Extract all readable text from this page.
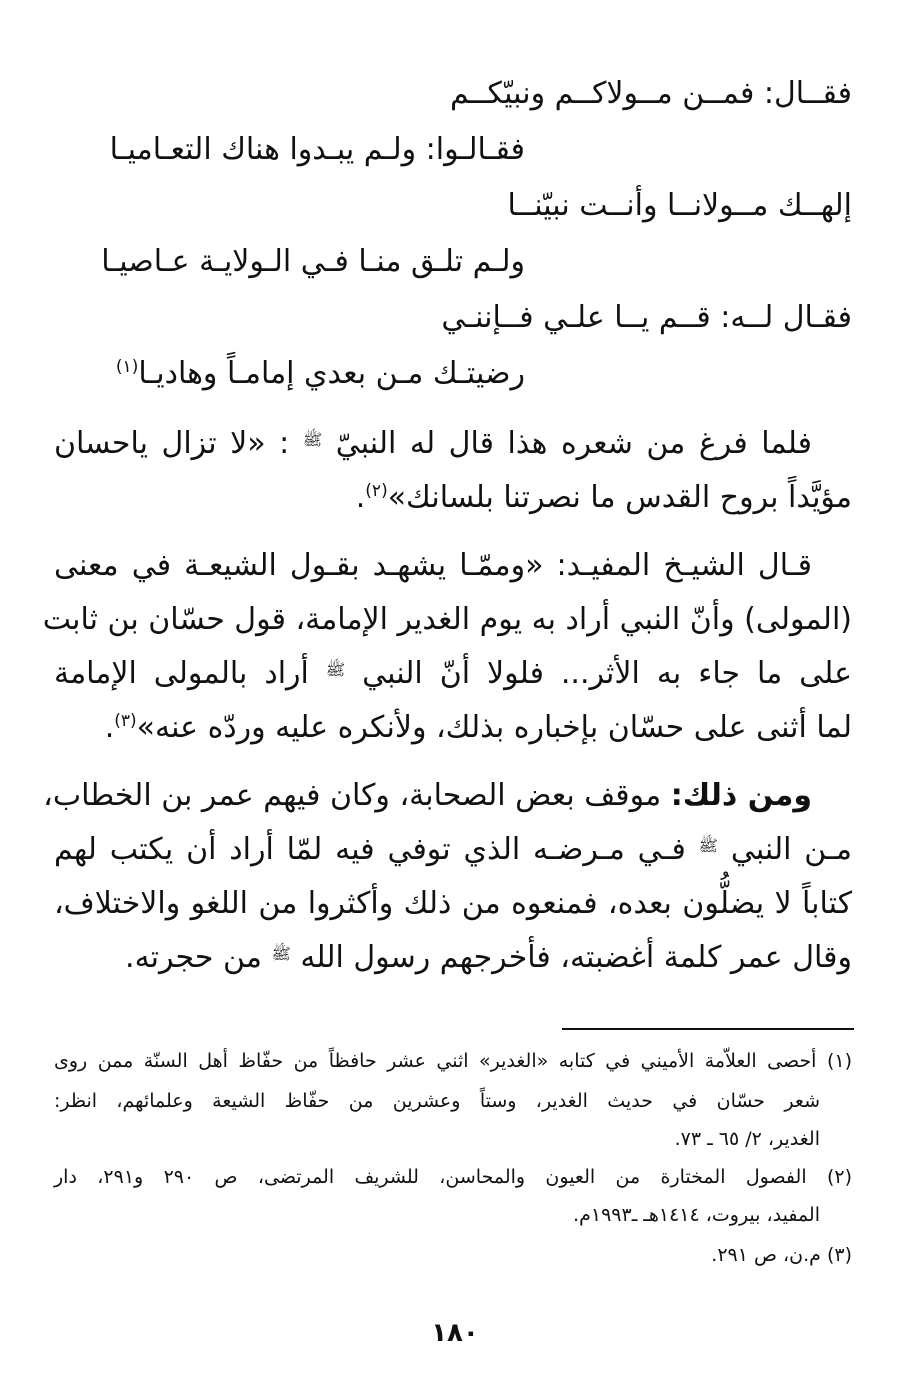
فقــال: فمــن مــولاكــم ونبيّكــم
فقـالـوا: ولـم يبـدوا هناك التعـاميـا
إلهــك مــولانــا وأنــت نبيّنــا
ولـم تلـق منـا فـي الـولايـة عـاصيـا
فقـال لــه: قــم يــا علـي فــإننـي
رضيتـك مـن بعدي إمامـاً وهاديـا$^{(١)}$
فلما فرغ من شعره هذا قال له النبيّ ﷺ : «لا تزال ياحسان
مؤيَّداً بروح القدس ما نصرتنا بلسانك»$^{(٢)}$.
قـال الشيـخ المفيـد: «وممّـا يشهـد بقـول الشيعـة في معنى
(المولى) وأنّ النبي أراد به يوم الغدير الإمامة، قول حسّان بن ثابت
على ما جاء به الأثر... فلولا أنّ النبي ﷺ أراد بالمولى الإمامة
لما أثنى على حسّان بإخباره بذلك، ولأنكره عليه وردّه عنه»$^{(٣)}$.
ومن ذلك: موقف بعض الصحابة، وكان فيهم عمر بن الخطاب،
مـن النبي ﷺ فـي مـرضـه الذي توفي فيه لمّا أراد أن يكتب لهم
كتاباً لا يضلُّون بعده، فمنعوه من ذلك وأكثروا من اللغو والاختلاف،
وقال عمر كلمة أغضبته، فأخرجهم رسول الله ﷺ من حجرته.
(١) أحصى العلاّمة الأميني في كتابه «الغدير» اثني عشر حافظاً من حفّاظ أهل السنّة ممن روى
شعر حسّان في حديث الغدير، وستاً وعشرين من حفّاظ الشيعة وعلمائهم، انظر:
الغدير، ٢/ ٦٥ ـ ٧٣.
(٢) الفصول المختارة من العيون والمحاسن، للشريف المرتضى، ص ٢٩٠ و٢٩١، دار
المفيد، بيروت، ١٤١٤هـ ـ١٩٩٣م.
(٣) م.ن، ص ٢٩١.
١٨٠
